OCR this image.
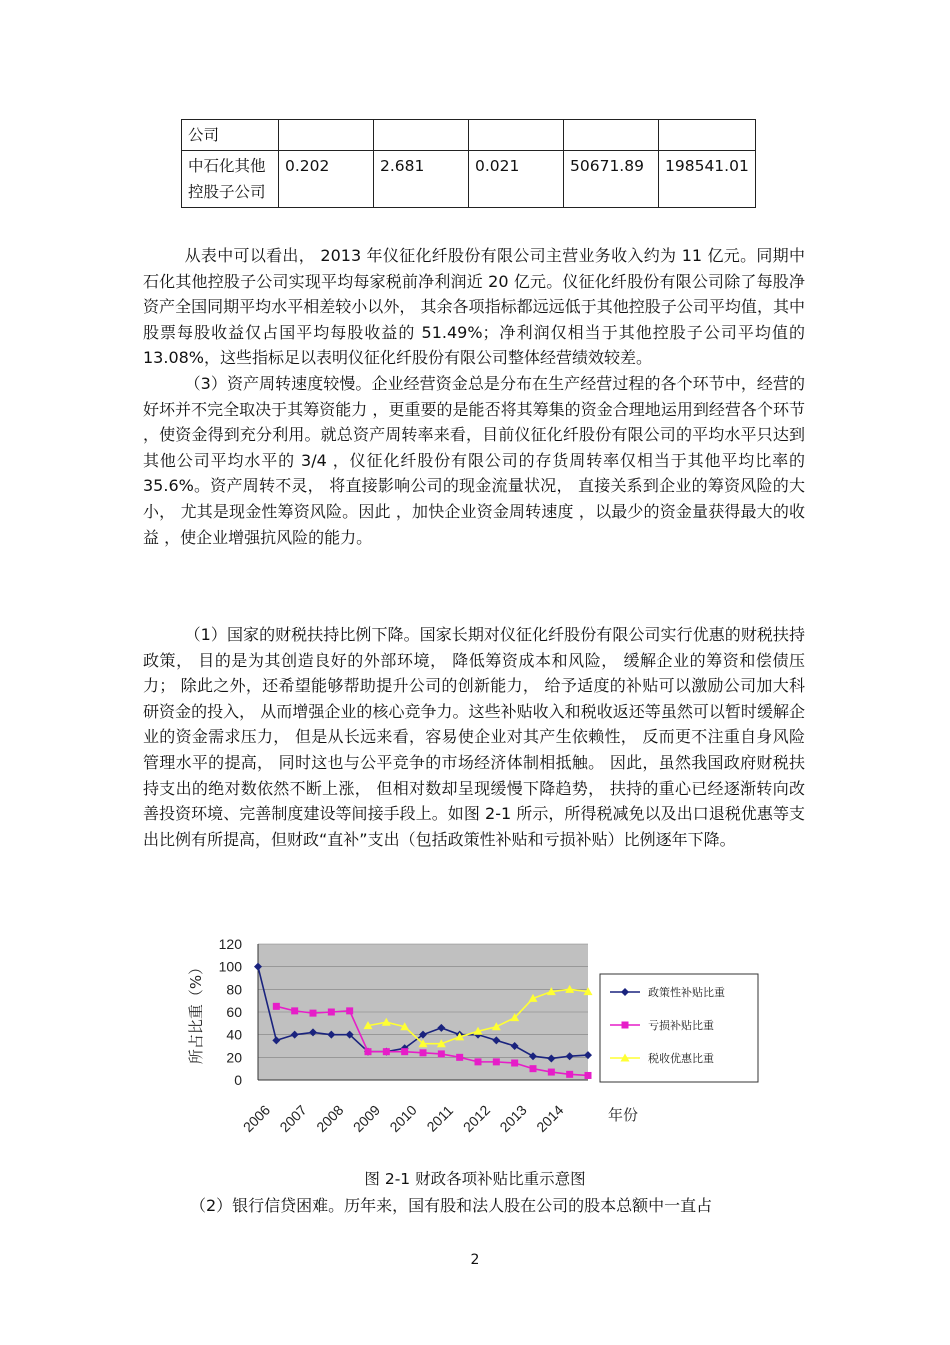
公司					
中石化其他控股子公司	0.202	2.681	0.021	50671.89	198541.01

从表中可以看出， 2013 年仪征化纤股份有限公司主营业务收入约为 11 亿元。同期中石化其他控股子公司实现平均每家税前净利润近 20 亿元。仪征化纤股份有限公司除了每股净资产全国同期平均水平相差较小以外， 其余各项指标都远远低于其他控股子公司平均值，其中股票每股收益仅占国平均每股收益的 51.49%；净利润仅相当于其他控股子公司平均值的 13.08%，这些指标足以表明仪征化纤股份有限公司整体经营绩效较差。

（3）资产周转速度较慢。企业经营资金总是分布在生产经营过程的各个环节中，经营的好坏并不完全取决于其筹资能力 ，更重要的是能否将其筹集的资金合理地运用到经营各个环节 ，使资金得到充分利用。就总资产周转率来看，目前仪征化纤股份有限公司的平均水平只达到其他公司平均水平的 3/4 ，仪征化纤股份有限公司的存货周转率仅相当于其他平均比率的 35.6%。资产周转不灵， 将直接影响公司的现金流量状况， 直接关系到企业的筹资风险的大小， 尤其是现金性筹资风险。因此 ，加快企业资金周转速度 ，以最少的资金量获得最大的收益 ，使企业增强抗风险的能力。

（1）国家的财税扶持比例下降。国家长期对仪征化纤股份有限公司实行优惠的财税扶持政策， 目的是为其创造良好的外部环境， 降低筹资成本和风险， 缓解企业的筹资和偿债压力； 除此之外，还希望能够帮助提升公司的创新能力， 给予适度的补贴可以激励公司加大科研资金的投入， 从而增强企业的核心竞争力。这些补贴收入和税收返还等虽然可以暂时缓解企业的资金需求压力， 但是从长远来看，容易使企业对其产生依赖性， 反而更不注重自身风险管理水平的提高， 同时这也与公平竞争的市场经济体制相抵触。 因此，虽然我国政府财税扶持支出的绝对数依然不断上涨， 但相对数却呈现缓慢下降趋势， 扶持的重心已经逐渐转向改善投资环境、完善制度建设等间接手段上。如图 2-1 所示，所得税减免以及出口退税优惠等支出比例有所提高，但财政“直补”支出（包括政策性补贴和亏损补贴）比例逐年下降。

0
20
40
60
80
100
120
所占比重（%）
2006 2007 2008 2009 2010 2011 2012 2013 2014	年份
政策性补贴比重
亏损补贴比重
税收优惠比重
图 2-1 财政各项补贴比重示意图
（2）银行信贷困难。历年来，国有股和法人股在公司的股本总额中一直占
2
